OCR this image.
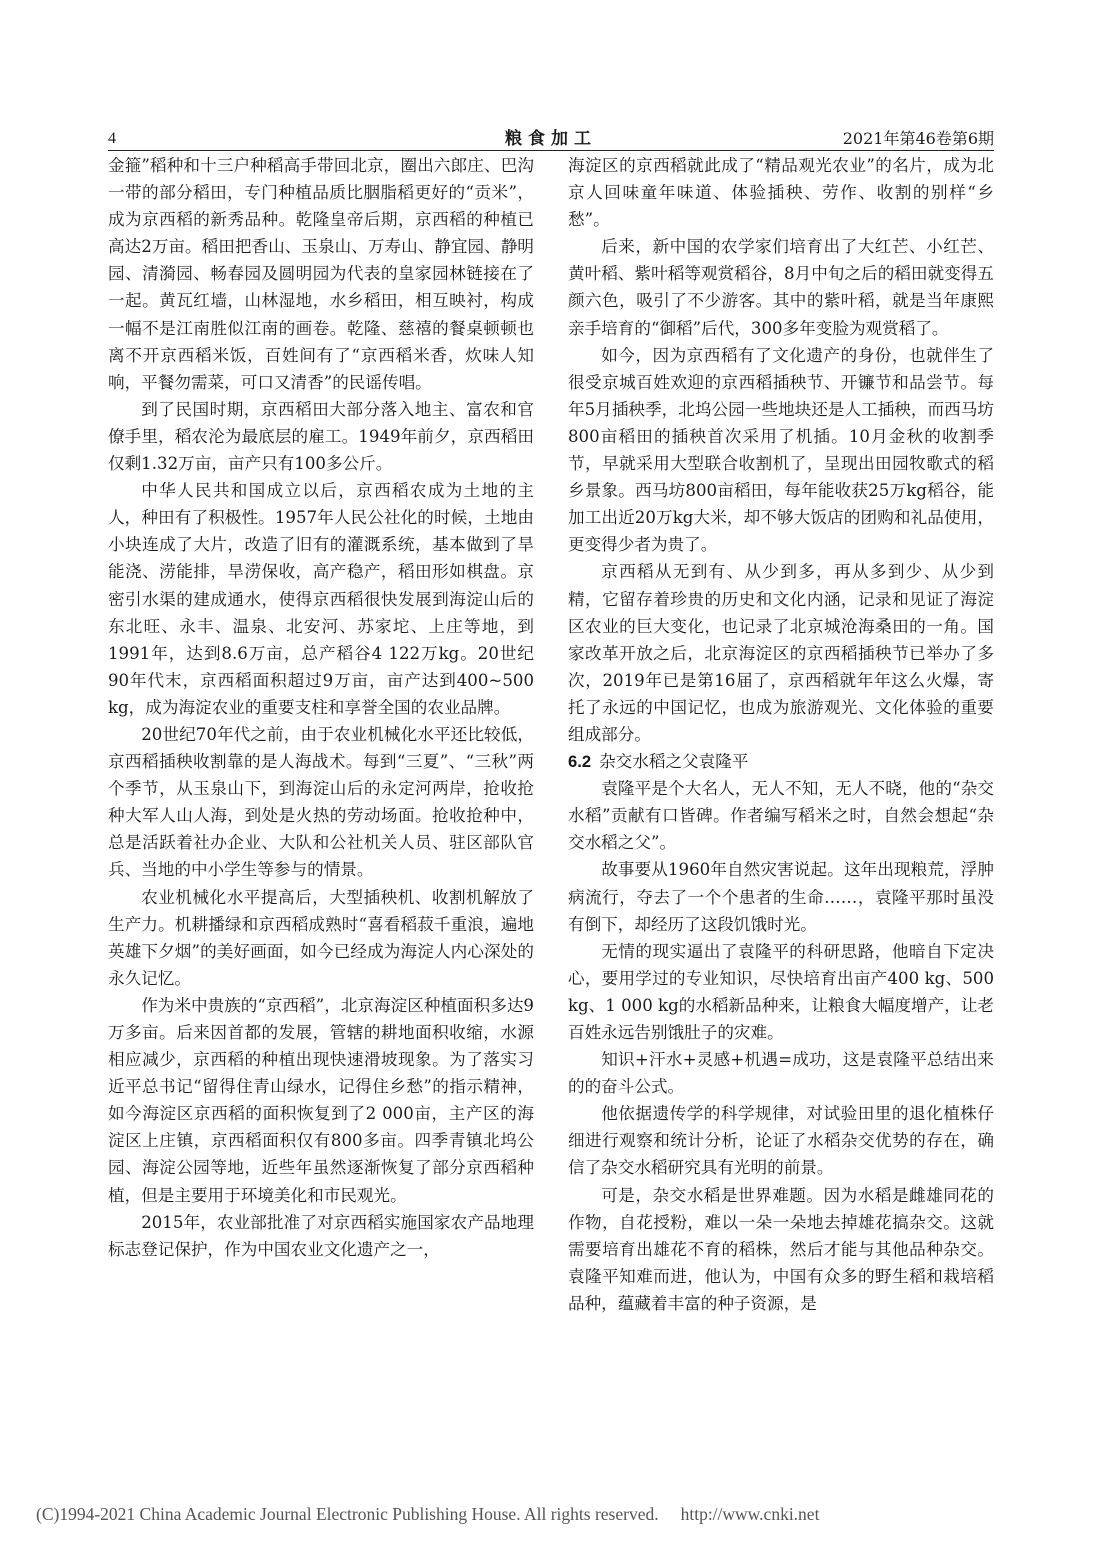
4	粮食加工	2021年第46卷第6期

金箍”稻种和十三户种稻高手带回北京，圈出六郎庄、巴沟一带的部分稻田，专门种植品质比胭脂稻更好的“贡米”，成为京西稻的新秀品种。乾隆皇帝后期，京西稻的种植已高达2万亩。稻田把香山、玉泉山、万寿山、静宜园、静明园、清漪园、畅春园及圆明园为代表的皇家园林链接在了一起。黄瓦红墙，山林湿地，水乡稻田，相互映衬，构成一幅不是江南胜似江南的画卷。乾隆、慈禧的餐桌顿顿也离不开京西稻米饭，百姓间有了“京西稻米香，炊味人知响，平餐勿需菜，可口又清香”的民谣传唱。

到了民国时期，京西稻田大部分落入地主、富农和官僚手里，稻农沦为最底层的雇工。1949年前夕，京西稻田仅剩1.32万亩，亩产只有100多公斤。

中华人民共和国成立以后，京西稻农成为土地的主人，种田有了积极性。1957年人民公社化的时候，土地由小块连成了大片，改造了旧有的灌溉系统，基本做到了旱能浇、涝能排，旱涝保收，高产稳产，稻田形如棋盘。京密引水渠的建成通水，使得京西稻很快发展到海淀山后的东北旺、永丰、温泉、北安河、苏家坨、上庄等地，到1991年，达到8.6万亩，总产稻谷4 122万kg。20世纪90年代末，京西稻面积超过9万亩，亩产达到400~500 kg，成为海淀农业的重要支柱和享誉全国的农业品牌。

20世纪70年代之前，由于农业机械化水平还比较低，京西稻插秧收割靠的是人海战术。每到“三夏”、“三秋”两个季节，从玉泉山下，到海淀山后的永定河两岸，抢收抢种大军人山人海，到处是火热的劳动场面。抢收抢种中，总是活跃着社办企业、大队和公社机关人员、驻区部队官兵、当地的中小学生等参与的情景。

农业机械化水平提高后，大型插秧机、收割机解放了生产力。机耕播绿和京西稻成熟时“喜看稻菽千重浪，遍地英雄下夕烟”的美好画面，如今已经成为海淀人内心深处的永久记忆。

作为米中贵族的“京西稻”，北京海淀区种植面积多达9万多亩。后来因首都的发展，管辖的耕地面积收缩，水源相应减少，京西稻的种植出现快速滑坡现象。为了落实习近平总书记“留得住青山绿水，记得住乡愁”的指示精神，如今海淀区京西稻的面积恢复到了2 000亩，主产区的海淀区上庄镇，京西稻面积仅有800多亩。四季青镇北坞公园、海淀公园等地，近些年虽然逐渐恢复了部分京西稻种植，但是主要用于环境美化和市民观光。

2015年，农业部批准了对京西稻实施国家农产品地理标志登记保护，作为中国农业文化遗产之一，

海淀区的京西稻就此成了“精品观光农业”的名片，成为北京人回味童年味道、体验插秧、劳作、收割的别样“乡愁”。

后来，新中国的农学家们培育出了大红芒、小红芒、黄叶稻、紫叶稻等观赏稻谷，8月中旬之后的稻田就变得五颜六色，吸引了不少游客。其中的紫叶稻，就是当年康熙亲手培育的“御稻”后代，300多年变脸为观赏稻了。

如今，因为京西稻有了文化遗产的身份，也就伴生了很受京城百姓欢迎的京西稻插秧节、开镰节和品尝节。每年5月插秧季，北坞公园一些地块还是人工插秧，而西马坊800亩稻田的插秧首次采用了机插。10月金秋的收割季节，早就采用大型联合收割机了，呈现出田园牧歌式的稻乡景象。西马坊800亩稻田，每年能收获25万kg稻谷，能加工出近20万kg大米，却不够大饭店的团购和礼品使用，更变得少者为贵了。

京西稻从无到有、从少到多，再从多到少、从少到精，它留存着珍贵的历史和文化内涵，记录和见证了海淀区农业的巨大变化，也记录了北京城沧海桑田的一角。国家改革开放之后，北京海淀区的京西稻插秧节已举办了多次，2019年已是第16届了，京西稻就年年这么火爆，寄托了永远的中国记忆，也成为旅游观光、文化体验的重要组成部分。

6.2 杂交水稻之父袁隆平

袁隆平是个大名人，无人不知，无人不晓，他的“杂交水稻”贡献有口皆碑。作者编写稻米之时，自然会想起“杂交水稻之父”。

故事要从1960年自然灾害说起。这年出现粮荒，浮肿病流行，夺去了一个个患者的生命……，袁隆平那时虽没有倒下，却经历了这段饥饿时光。

无情的现实逼出了袁隆平的科研思路，他暗自下定决心，要用学过的专业知识，尽快培育出亩产400 kg、500 kg、1 000 kg的水稻新品种来，让粮食大幅度增产，让老百姓永远告别饿肚子的灾难。

知识+汗水+灵感+机遇=成功，这是袁隆平总结出来的的奋斗公式。

他依据遗传学的科学规律，对试验田里的退化植株仔细进行观察和统计分析，论证了水稻杂交优势的存在，确信了杂交水稻研究具有光明的前景。

可是，杂交水稻是世界难题。因为水稻是雌雄同花的作物，自花授粉，难以一朵一朵地去掉雄花搞杂交。这就需要培育出雄花不育的稻株，然后才能与其他品种杂交。袁隆平知难而进，他认为，中国有众多的野生稻和栽培稻品种，蕴藏着丰富的种子资源，是

(C)1994-2021 China Academic Journal Electronic Publishing House. All rights reserved. http://www.cnki.net
